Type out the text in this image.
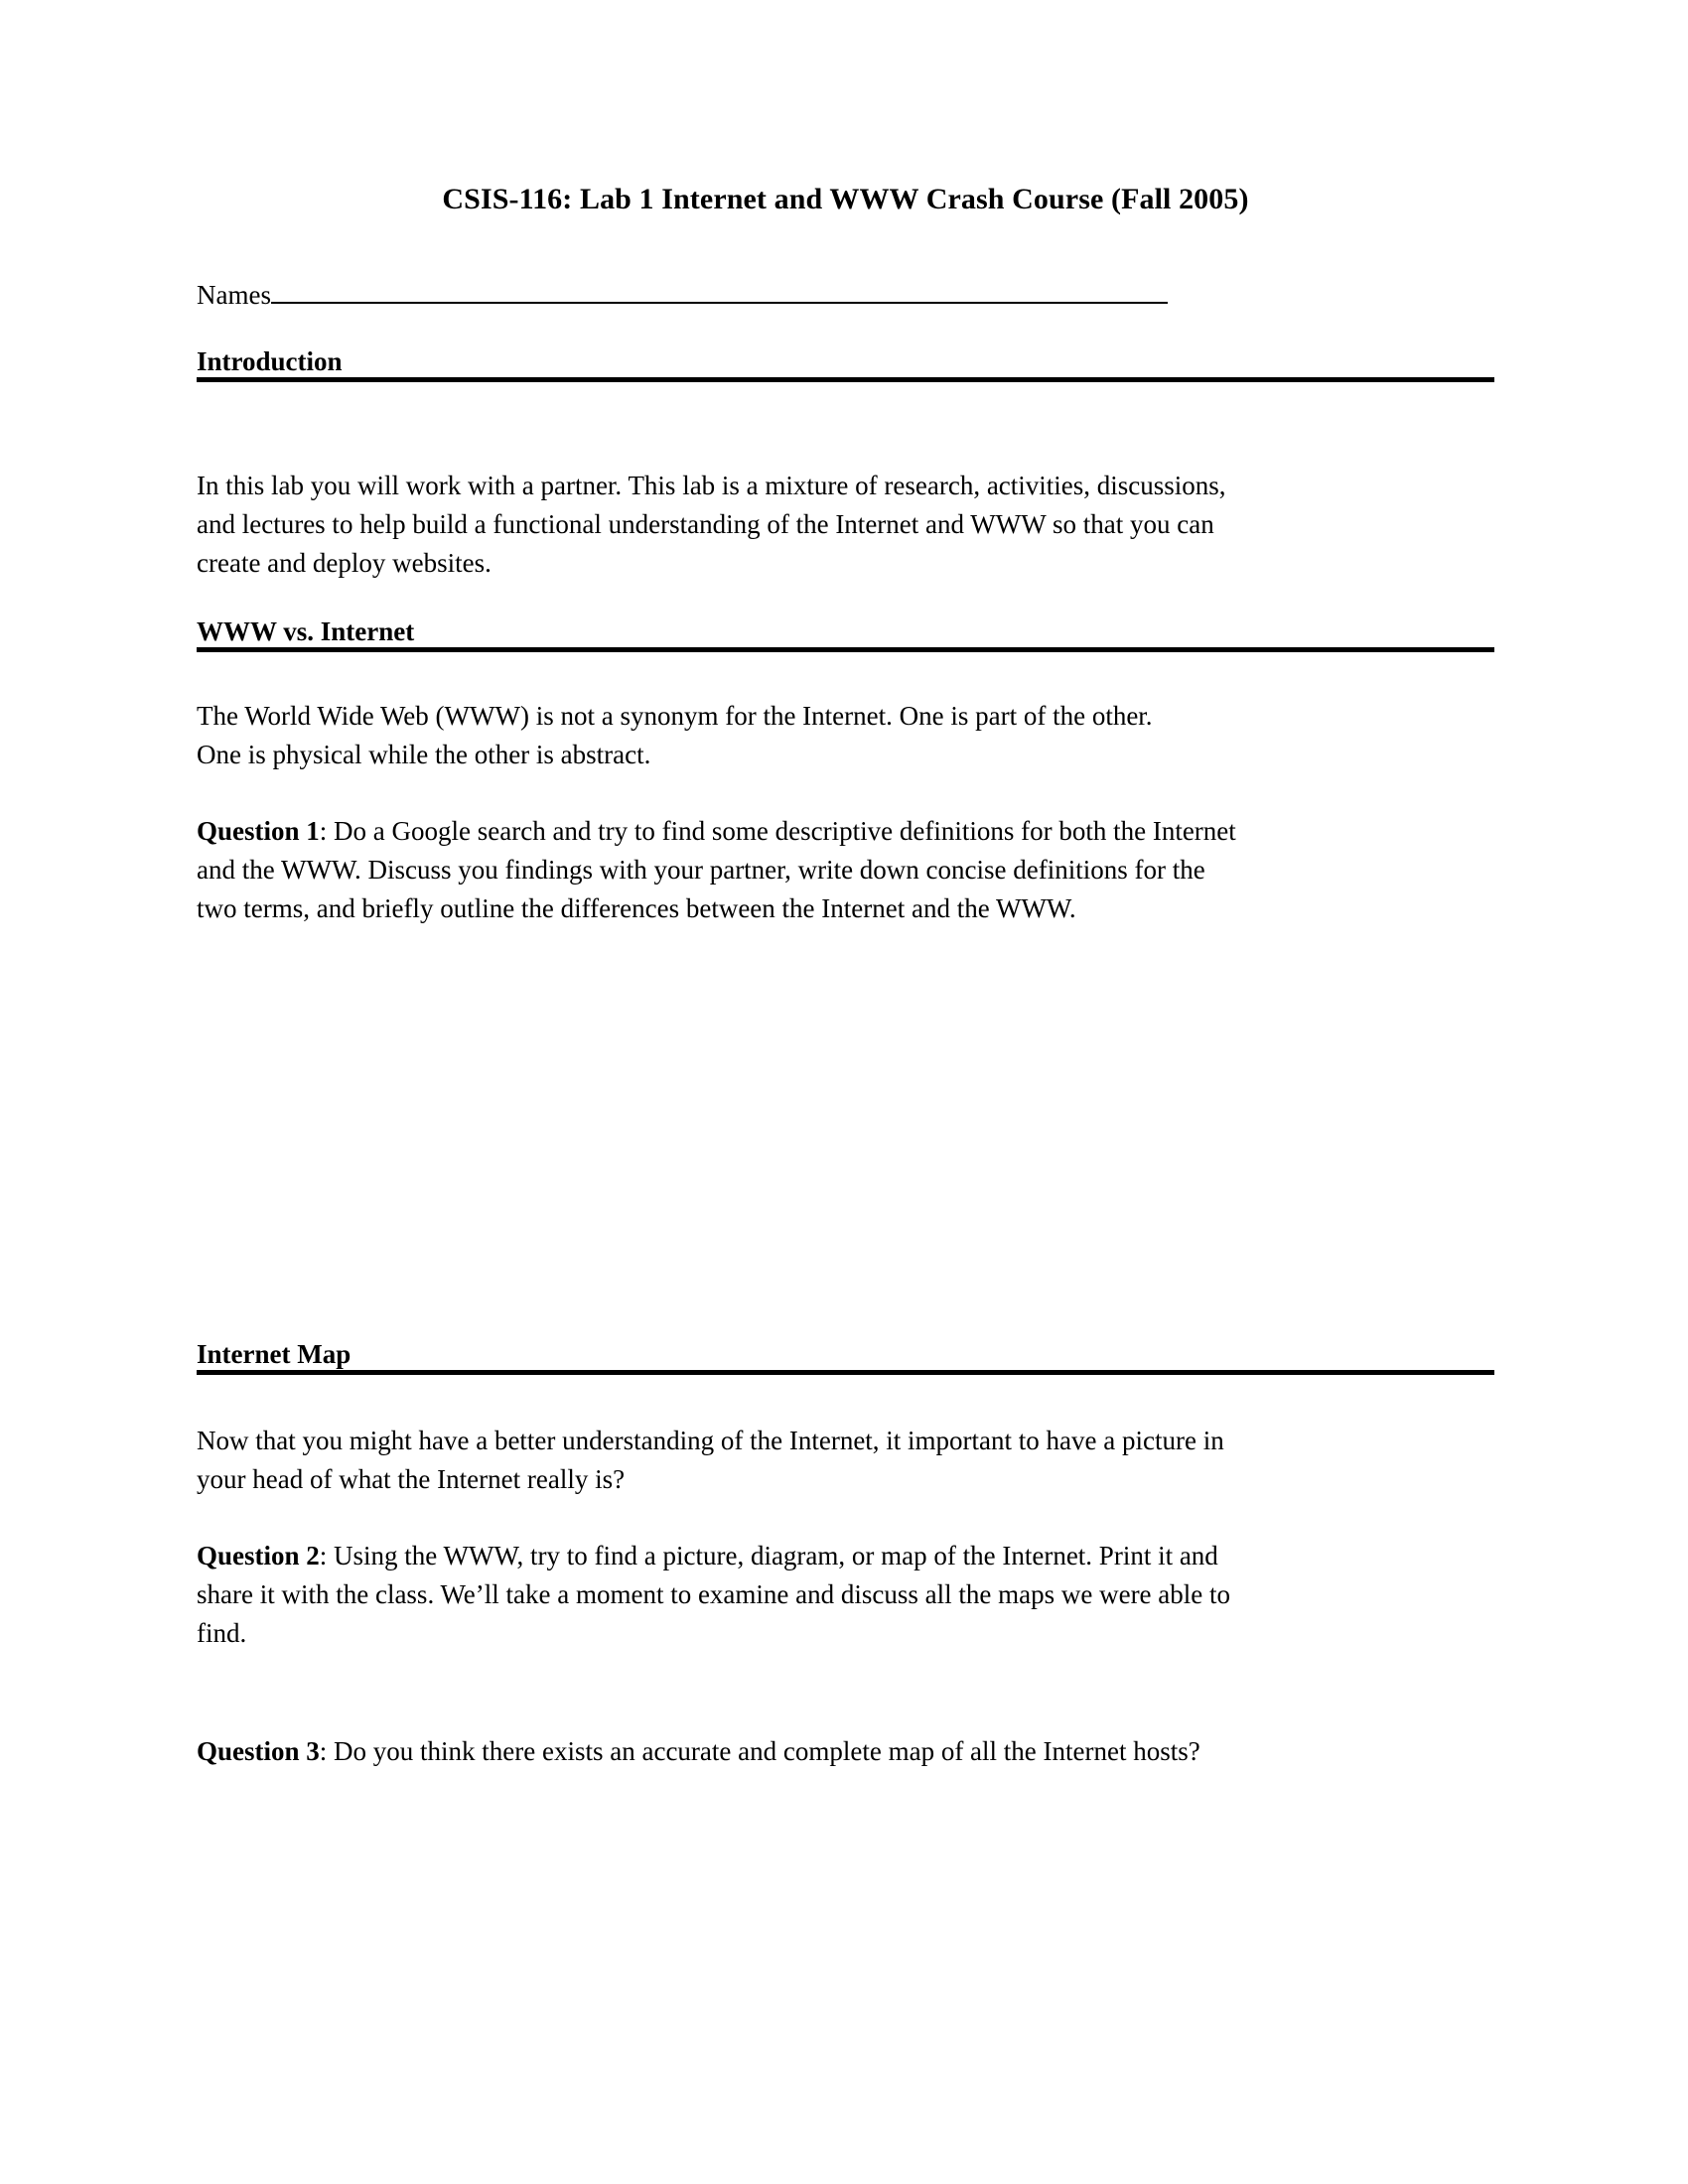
CSIS-116: Lab 1 Internet and WWW Crash Course (Fall 2005)
Names
Introduction
In this lab you will work with a partner. This lab is a mixture of research, activities, discussions,
and lectures to help build a functional understanding of the Internet and WWW so that you can
create and deploy websites.
WWW vs. Internet
The World Wide Web (WWW) is not a synonym for the Internet. One is part of the other.
One is physical while the other is abstract.
Question 1: Do a Google search and try to find some descriptive definitions for both the Internet
and the WWW. Discuss you findings with your partner, write down concise definitions for the
two terms, and briefly outline the differences between the Internet and the WWW.
Internet Map
Now that you might have a better understanding of the Internet, it important to have a picture in
your head of what the Internet really is?
Question 2: Using the WWW, try to find a picture, diagram, or map of the Internet. Print it and
share it with the class. We’ll take a moment to examine and discuss all the maps we were able to
find.
Question 3: Do you think there exists an accurate and complete map of all the Internet hosts?
